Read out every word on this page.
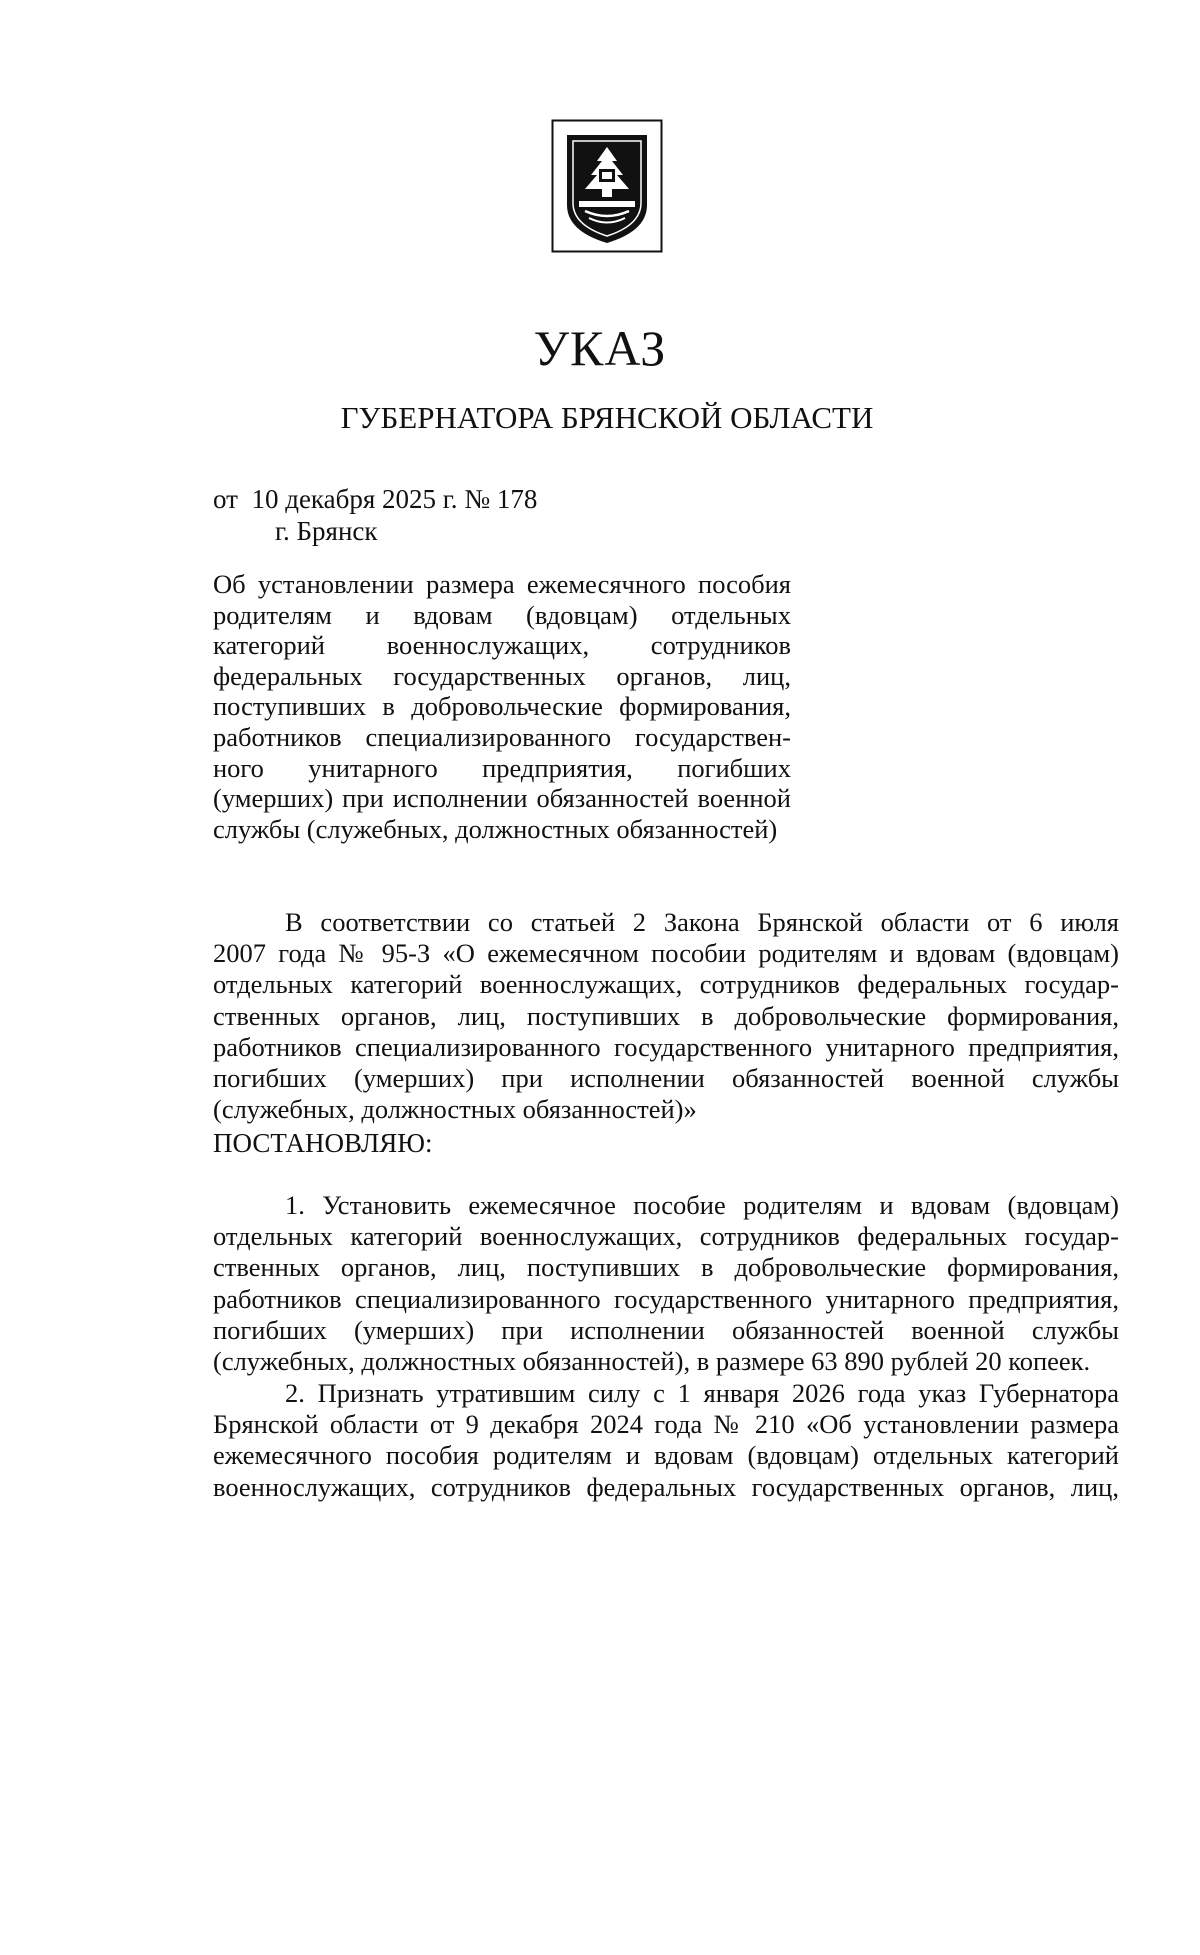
УКАЗ
ГУБЕРНАТОРА БРЯНСКОЙ ОБЛАСТИ
от 10 декабря 2025 г. № 178
г. Брянск

Об установлении размера ежемесячного пособия
родителям и вдовам (вдовцам) отдельных
категорий военнослужащих, сотрудников
федеральных государственных органов, лиц,
поступивших в добровольческие формирования,
работников специализированного государствен-
ного унитарного предприятия, погибших
(умерших) при исполнении обязанностей военной
службы (служебных, должностных обязанностей)

В соответствии со статьей 2 Закона Брянской области от 6 июля
2007 года № 95-З «О ежемесячном пособии родителям и вдовам (вдовцам)
отдельных категорий военнослужащих, сотрудников федеральных государ-
ственных органов, лиц, поступивших в добровольческие формирования,
работников специализированного государственного унитарного предприятия,
погибших (умерших) при исполнении обязанностей военной службы
(служебных, должностных обязанностей)»

ПОСТАНОВЛЯЮ:

1. Установить ежемесячное пособие родителям и вдовам (вдовцам)
отдельных категорий военнослужащих, сотрудников федеральных государ-
ственных органов, лиц, поступивших в добровольческие формирования,
работников специализированного государственного унитарного предприятия,
погибших (умерших) при исполнении обязанностей военной службы
(служебных, должностных обязанностей), в размере 63 890 рублей 20 копеек.

2. Признать утратившим силу с 1 января 2026 года указ Губернатора
Брянской области от 9 декабря 2024 года № 210 «Об установлении размера
ежемесячного пособия родителям и вдовам (вдовцам) отдельных категорий
военнослужащих, сотрудников федеральных государственных органов, лиц,
